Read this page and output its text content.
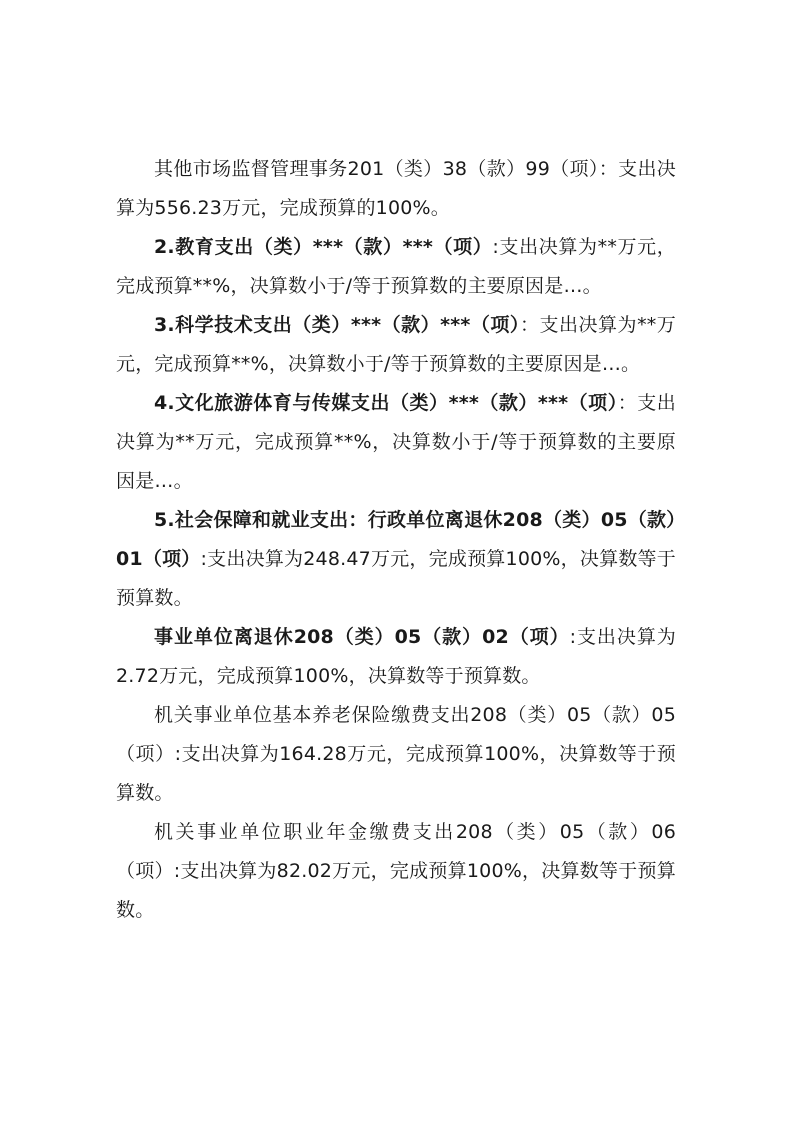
其他市场监督管理事务201（类）38（款）99（项）：支出决算为556.23万元，完成预算的100%。

2.教育支出（类）***（款）***（项）:支出决算为**万元，完成预算**%，决算数小于/等于预算数的主要原因是…。

3.科学技术支出（类）***（款）***（项）：支出决算为**万元，完成预算**%，决算数小于/等于预算数的主要原因是…。

4.文化旅游体育与传媒支出（类）***（款）***（项）：支出决算为**万元，完成预算**%，决算数小于/等于预算数的主要原因是…。

5.社会保障和就业支出：行政单位离退休208（类）05（款）01（项）:支出决算为248.47万元，完成预算100%，决算数等于预算数。

事业单位离退休208（类）05（款）02（项）:支出决算为2.72万元，完成预算100%，决算数等于预算数。

机关事业单位基本养老保险缴费支出208（类）05（款）05（项）:支出决算为164.28万元，完成预算100%，决算数等于预算数。

机关事业单位职业年金缴费支出208（类）05（款）06（项）:支出决算为82.02万元，完成预算100%，决算数等于预算数。
